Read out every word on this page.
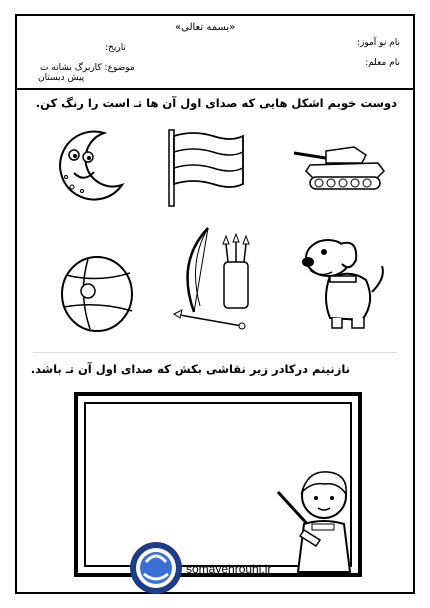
«بسمه تعالی»
نام نو آموز:
نام معلم:
تاریخ:
موضوع: کاربرگ نشانه ت
پیش دبستان
دوست خوبم اشکل هایی که صدای اول آن ها تـ است را رنگ کن.
نازنینم درکادر زیر نقاشی بکش که صدای اول آن تـ باشد.
somayehrouhi.ir
